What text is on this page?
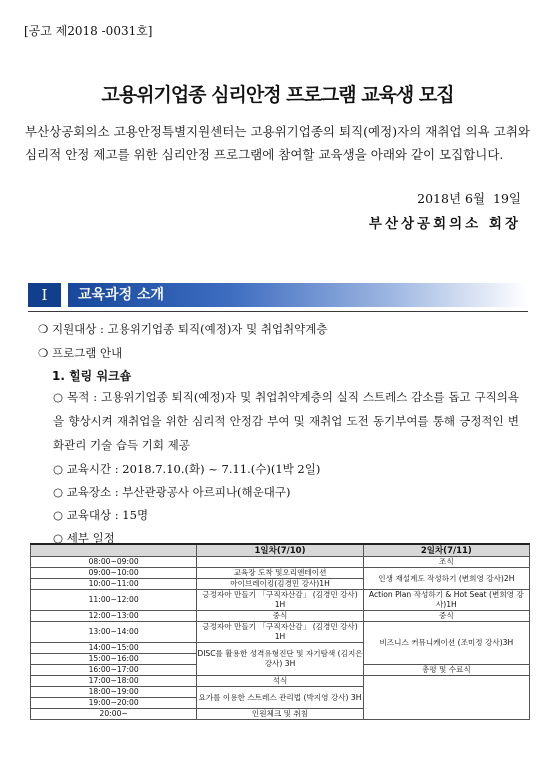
[공고 제2018 -0031호]
고용위기업종 심리안정 프로그램 교육생 모집
부산상공회의소 고용안정특별지원센터는 고용위기업종의 퇴직(예정)자의 재취업 의욕 고취와 심리적 안정 제고를 위한 심리안정 프로그램에 참여할 교육생을 아래와 같이 모집합니다.
2018년
6월
19일
부산상공회의소 회장
I	교육과정 소개
❍ 지원대상 : 고용위기업종 퇴직(예정)자 및 취업취약계층
❍ 프로그램 안내
1. 힐링 워크숍
○ 목적 : 고용위기업종 퇴직(예정)자 및 취업취약계층의 실직 스트레스 감소를 돕고 구직의욕을 향상시켜 재취업을 위한 심리적 안정감 부여 및 재취업 도전 동기부여를 통해 긍정적인 변화관리 기술 습득 기회 제공
○ 교육시간 : 2018.7.10.(화) ~ 7.11.(수)(1박 2일)
○ 교육장소 : 부산관광공사 아르피나(해운대구)
○ 교육대상 : 15명
○ 세부 일정
	1일차(7/10)	2일차(7/11)
08:00~09:00		조식
09:00~10:00	교육장 도착 및오리엔테이션	인생 재설계도 작성하기 (변희영 강사)2H
10:00~11:00	아이브레이킹(김경민 강사)1H	
11:00~12:00	긍정자아 만들기 「구직자산감」 (김경민 강사) 1H	Action Plan 작성하기 & Hot Seat (변희영 강사)1H
12:00~13:00	중식	중식
13:00~14:00	긍정자아 만들기 「구직자산감」 (김경민 강사) 1H	비즈니스 커뮤니케이션 (조미정 강사)3H
14:00~15:00	DISC를 활용한 성격유형진단 및 자기탐색 (김지은 강사) 3H	
15:00~16:00		
16:00~17:00		총평 및 수료식
17:00~18:00	석식	
18:00~19:00	요가를 이용한 스트레스 관리법 (박지영 강사) 3H	
19:00~20:00		
20:00~	인원체크 및 취침	
